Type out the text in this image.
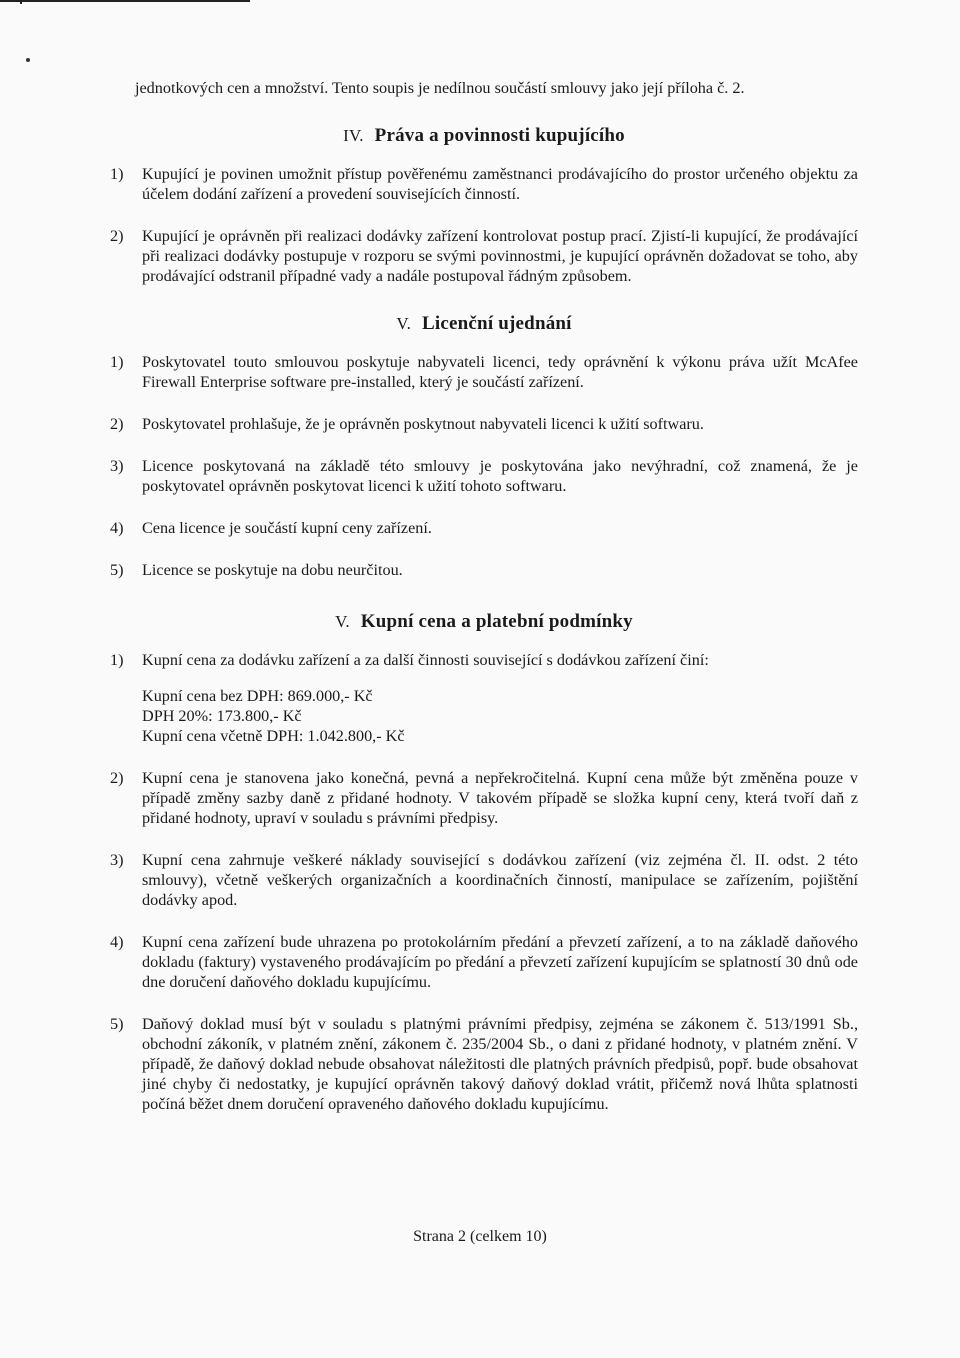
jednotkových cen a množství. Tento soupis je nedílnou součástí smlouvy jako její příloha č. 2.

IV. Práva a povinnosti kupujícího
1) Kupující je povinen umožnit přístup pověřenému zaměstnanci prodávajícího do prostor určeného objektu za účelem dodání zařízení a provedení souvisejících činností.
2) Kupující je oprávněn při realizaci dodávky zařízení kontrolovat postup prací. Zjistí-li kupující, že prodávající při realizaci dodávky postupuje v rozporu se svými povinnostmi, je kupující oprávněn dožadovat se toho, aby prodávající odstranil případné vady a nadále postupoval řádným způsobem.
V. Licenční ujednání
1) Poskytovatel touto smlouvou poskytuje nabyvateli licenci, tedy oprávnění k výkonu práva užít McAfee Firewall Enterprise software pre-installed, který je součástí zařízení.
2) Poskytovatel prohlašuje, že je oprávněn poskytnout nabyvateli licenci k užití softwaru.
3) Licence poskytovaná na základě této smlouvy je poskytována jako nevýhradní, což znamená, že je poskytovatel oprávněn poskytovat licenci k užití tohoto softwaru.
4) Cena licence je součástí kupní ceny zařízení.
5) Licence se poskytuje na dobu neurčitou.
V. Kupní cena a platební podmínky
1) Kupní cena za dodávku zařízení a za další činnosti související s dodávkou zařízení činí:
Kupní cena bez DPH: 869.000,- Kč
DPH 20%: 173.800,- Kč
Kupní cena včetně DPH: 1.042.800,- Kč
2) Kupní cena je stanovena jako konečná, pevná a nepřekročitelná. Kupní cena může být změněna pouze v případě změny sazby daně z přidané hodnoty. V takovém případě se složka kupní ceny, která tvoří daň z přidané hodnoty, upraví v souladu s právními předpisy.
3) Kupní cena zahrnuje veškeré náklady související s dodávkou zařízení (viz zejména čl. II. odst. 2 této smlouvy), včetně veškerých organizačních a koordinačních činností, manipulace se zařízením, pojištění dodávky apod.
4) Kupní cena zařízení bude uhrazena po protokolárním předání a převzetí zařízení, a to na základě daňového dokladu (faktury) vystaveného prodávajícím po předání a převzetí zařízení kupujícím se splatností 30 dnů ode dne doručení daňového dokladu kupujícímu.
5) Daňový doklad musí být v souladu s platnými právními předpisy, zejména se zákonem č. 513/1991 Sb., obchodní zákoník, v platném znění, zákonem č. 235/2004 Sb., o dani z přidané hodnoty, v platném znění. V případě, že daňový doklad nebude obsahovat náležitosti dle platných právních předpisů, popř. bude obsahovat jiné chyby či nedostatky, je kupující oprávněn takový daňový doklad vrátit, přičemž nová lhůta splatnosti počíná běžet dnem doručení opraveného daňového dokladu kupujícímu.
Strana 2 (celkem 10)
